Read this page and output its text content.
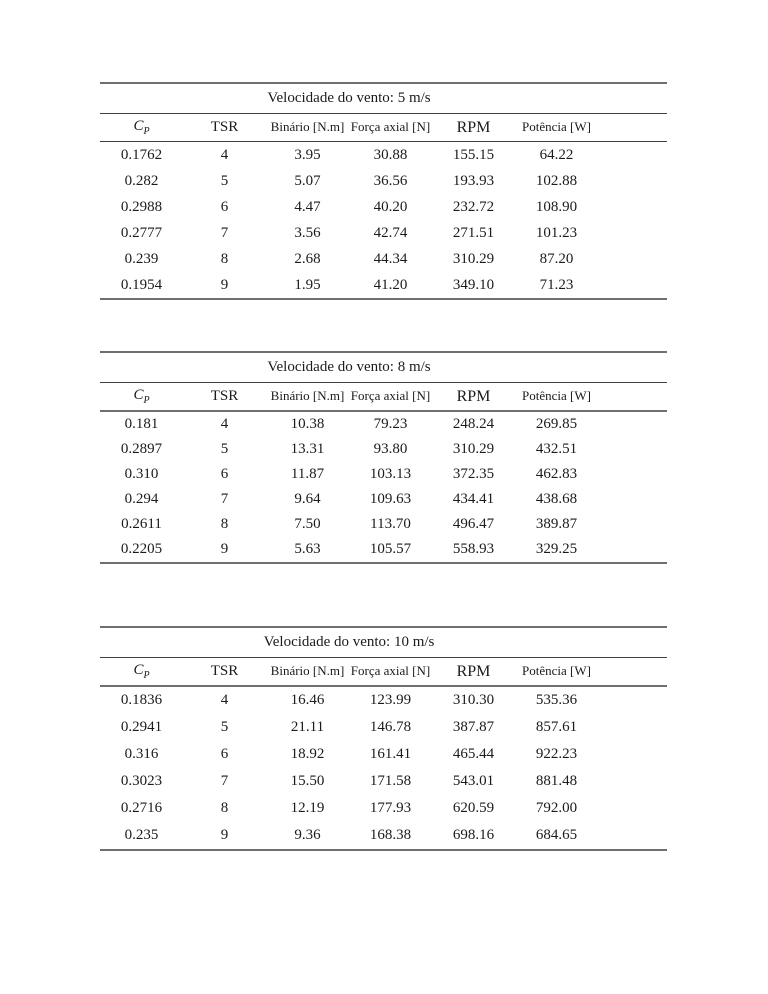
Velocidade do vento: 5 m/s						
$C_P$	TSR	Binário [N.m]	Força axial [N]	RPM	Potência [W]	
0.1762	4	3.95	30.88	155.15	64.22	
0.282	5	5.07	36.56	193.93	102.88	
0.2988	6	4.47	40.20	232.72	108.90	
0.2777	7	3.56	42.74	271.51	101.23	
0.239	8	2.68	44.34	310.29	87.20	
0.1954	9	1.95	41.20	349.10	71.23	
Velocidade do vento: 8 m/s						
$C_P$	TSR	Binário [N.m]	Força axial [N]	RPM	Potência [W]	
0.181	4	10.38	79.23	248.24	269.85	
0.2897	5	13.31	93.80	310.29	432.51	
0.310	6	11.87	103.13	372.35	462.83	
0.294	7	9.64	109.63	434.41	438.68	
0.2611	8	7.50	113.70	496.47	389.87	
0.2205	9	5.63	105.57	558.93	329.25	
Velocidade do vento: 10 m/s						
$C_P$	TSR	Binário [N.m]	Força axial [N]	RPM	Potência [W]	
0.1836	4	16.46	123.99	310.30	535.36	
0.2941	5	21.11	146.78	387.87	857.61	
0.316	6	18.92	161.41	465.44	922.23	
0.3023	7	15.50	171.58	543.01	881.48	
0.2716	8	12.19	177.93	620.59	792.00	
0.235	9	9.36	168.38	698.16	684.65	
